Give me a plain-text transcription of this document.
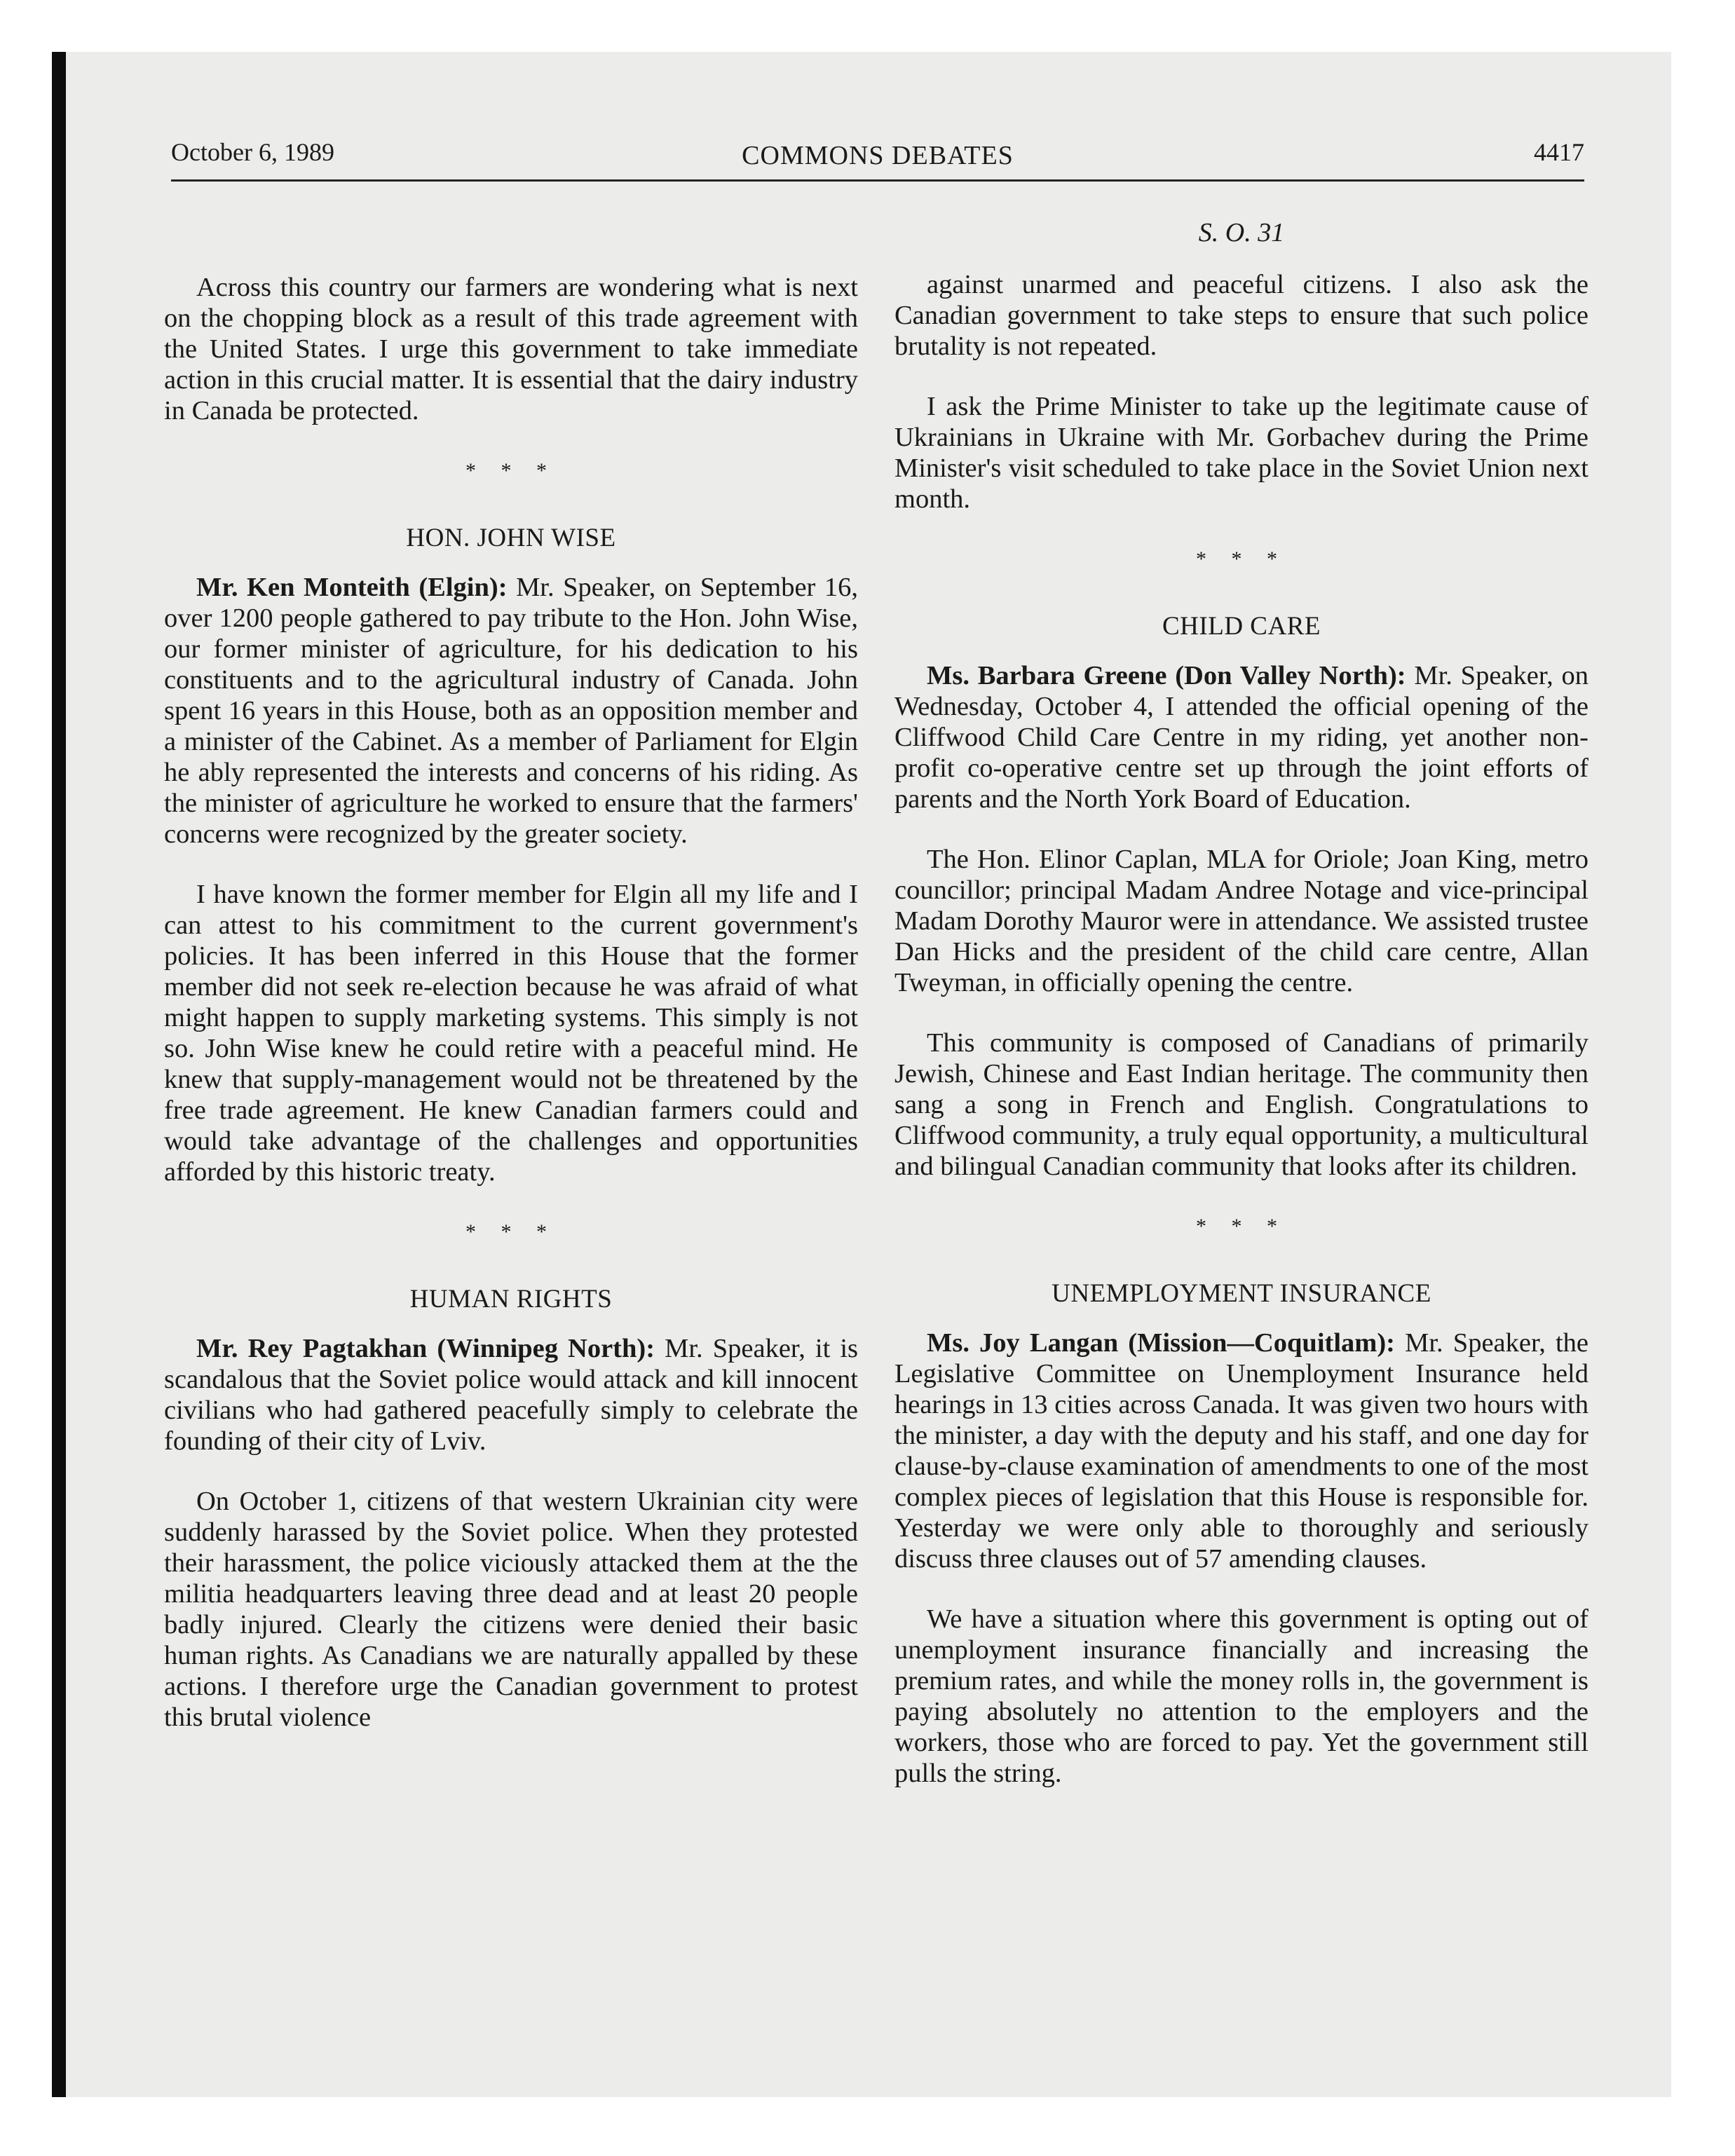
October 6, 1989	COMMONS DEBATES	4417

Across this country our farmers are wondering what is next on the chopping block as a result of this trade agreement with the United States. I urge this government to take immediate action in this crucial matter. It is essential that the dairy industry in Canada be protected.

* * *
HON. JOHN WISE

Mr. Ken Monteith (Elgin): Mr. Speaker, on September 16, over 1200 people gathered to pay tribute to the Hon. John Wise, our former minister of agriculture, for his dedication to his constituents and to the agricultural industry of Canada. John spent 16 years in this House, both as an opposition member and a minister of the Cabinet. As a member of Parliament for Elgin he ably represented the interests and concerns of his riding. As the minister of agriculture he worked to ensure that the farmers' concerns were recognized by the greater society.

I have known the former member for Elgin all my life and I can attest to his commitment to the current government's policies. It has been inferred in this House that the former member did not seek re-election because he was afraid of what might happen to supply marketing systems. This simply is not so. John Wise knew he could retire with a peaceful mind. He knew that supply-management would not be threatened by the free trade agreement. He knew Canadian farmers could and would take advantage of the challenges and opportunities afforded by this historic treaty.

* * *
HUMAN RIGHTS

Mr. Rey Pagtakhan (Winnipeg North): Mr. Speaker, it is scandalous that the Soviet police would attack and kill innocent civilians who had gathered peacefully simply to celebrate the founding of their city of Lviv.

On October 1, citizens of that western Ukrainian city were suddenly harassed by the Soviet police. When they protested their harassment, the police viciously attacked them at the the militia headquarters leaving three dead and at least 20 people badly injured. Clearly the citizens were denied their basic human rights. As Canadians we are naturally appalled by these actions. I therefore urge the Canadian government to protest this brutal violence

S. O. 31

against unarmed and peaceful citizens. I also ask the Canadian government to take steps to ensure that such police brutality is not repeated.

I ask the Prime Minister to take up the legitimate cause of Ukrainians in Ukraine with Mr. Gorbachev during the Prime Minister's visit scheduled to take place in the Soviet Union next month.

* * *
CHILD CARE

Ms. Barbara Greene (Don Valley North): Mr. Speaker, on Wednesday, October 4, I attended the official opening of the Cliffwood Child Care Centre in my riding, yet another non-profit co-operative centre set up through the joint efforts of parents and the North York Board of Education.

The Hon. Elinor Caplan, MLA for Oriole; Joan King, metro councillor; principal Madam Andree Notage and vice-principal Madam Dorothy Mauror were in attendance. We assisted trustee Dan Hicks and the president of the child care centre, Allan Tweyman, in officially opening the centre.

This community is composed of Canadians of primarily Jewish, Chinese and East Indian heritage. The community then sang a song in French and English. Congratulations to Cliffwood community, a truly equal opportunity, a multicultural and bilingual Canadian community that looks after its children.

* * *
UNEMPLOYMENT INSURANCE

Ms. Joy Langan (Mission—Coquitlam): Mr. Speaker, the Legislative Committee on Unemployment Insurance held hearings in 13 cities across Canada. It was given two hours with the minister, a day with the deputy and his staff, and one day for clause-by-clause examination of amendments to one of the most complex pieces of legislation that this House is responsible for. Yesterday we were only able to thoroughly and seriously discuss three clauses out of 57 amending clauses.

We have a situation where this government is opting out of unemployment insurance financially and increasing the premium rates, and while the money rolls in, the government is paying absolutely no attention to the employers and the workers, those who are forced to pay. Yet the government still pulls the string.
